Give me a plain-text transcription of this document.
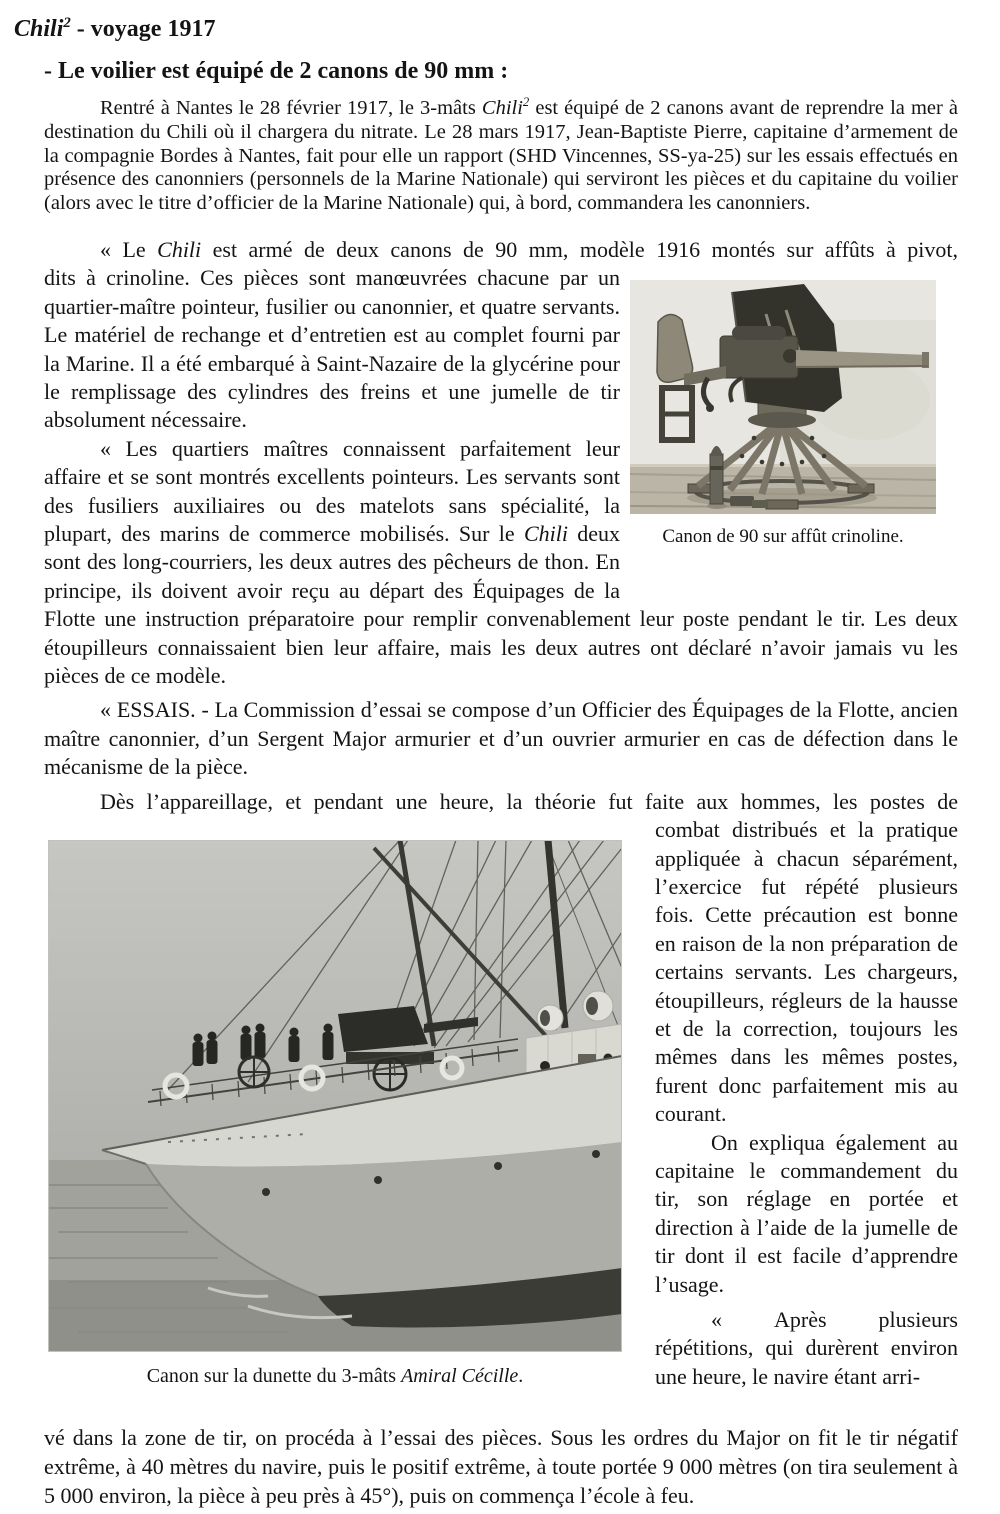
Chili$^2$ - voyage 1917
- Le voilier est équipé de 2 canons de 90 mm :

Rentré à Nantes le 28 février 1917, le 3-mâts Chili$^2$ est équipé de 2 canons avant de reprendre la mer à destination du Chili où il chargera du nitrate. Le 28 mars 1917, Jean-Baptiste Pierre, capitaine d’armement de la compagnie Bordes à Nantes, fait pour elle un rapport (SHD Vincennes, SS-ya-25) sur les essais effectués en présence des canonniers (personnels de la Marine Nationale) qui serviront les pièces et du capitaine du voilier (alors avec le titre d’officier de la Marine Nationale) qui, à bord, commandera les canonniers.

« Le Chili est armé de deux canons de 90 mm, modèle 1916 montés sur affûts à pivot,

Canon de 90 sur affût crinoline.

dits à crinoline. Ces pièces sont manœuvrées chacune par un quartier-maître pointeur, fusilier ou canonnier, et quatre servants. Le matériel de rechange et d’entretien est au complet fourni par la Marine. Il a été embarqué à Saint-Nazaire de la glycérine pour le remplissage des cylindres des freins et une jumelle de tir absolument nécessaire.

« Les quartiers maîtres connaissent parfaitement leur affaire et se sont montrés excellents pointeurs. Les servants sont des fusiliers auxiliaires ou des matelots sans spécialité, la plupart, des marins de commerce mobilisés. Sur le Chili deux sont des long-courriers, les deux autres des pêcheurs de thon. En principe, ils doivent avoir reçu au départ des Équipages de la Flotte une instruction préparatoire pour remplir convenablement leur poste pendant le tir. Les deux étoupilleurs connaissaient bien leur affaire, mais les deux autres ont déclaré n’avoir jamais vu les pièces de ce modèle.

« ESSAIS. - La Commission d’essai se compose d’un Officier des Équipages de la Flotte, ancien maître canonnier, d’un Sergent Major armurier et d’un ouvrier armurier en cas de défection dans le mécanisme de la pièce.

Dès l’appareillage, et pendant une heure, la théorie fut faite aux hommes, les postes de

Canon sur la dunette du 3-mâts Amiral Cécille.

combat distribués et la pratique appliquée à chacun séparément, l’exercice fut répété plusieurs fois. Cette précaution est bonne en raison de la non préparation de certains servants. Les chargeurs, étoupilleurs, régleurs de la hausse et de la correction, toujours les mêmes dans les mêmes postes, furent donc parfaitement mis au courant.

On expliqua également au capitaine le commandement du tir, son réglage en portée et direction à l’aide de la jumelle de tir dont il est facile d’apprendre l’usage.

« Après plusieurs répétitions, qui durèrent environ une heure, le navire étant arri-

vé dans la zone de tir, on procéda à l’essai des pièces. Sous les ordres du Major on fit le tir négatif extrême, à 40 mètres du navire, puis le positif extrême, à toute portée 9 000 mètres (on tira seulement à 5 000 environ, la pièce à peu près à 45°), puis on commença l’école à feu.
